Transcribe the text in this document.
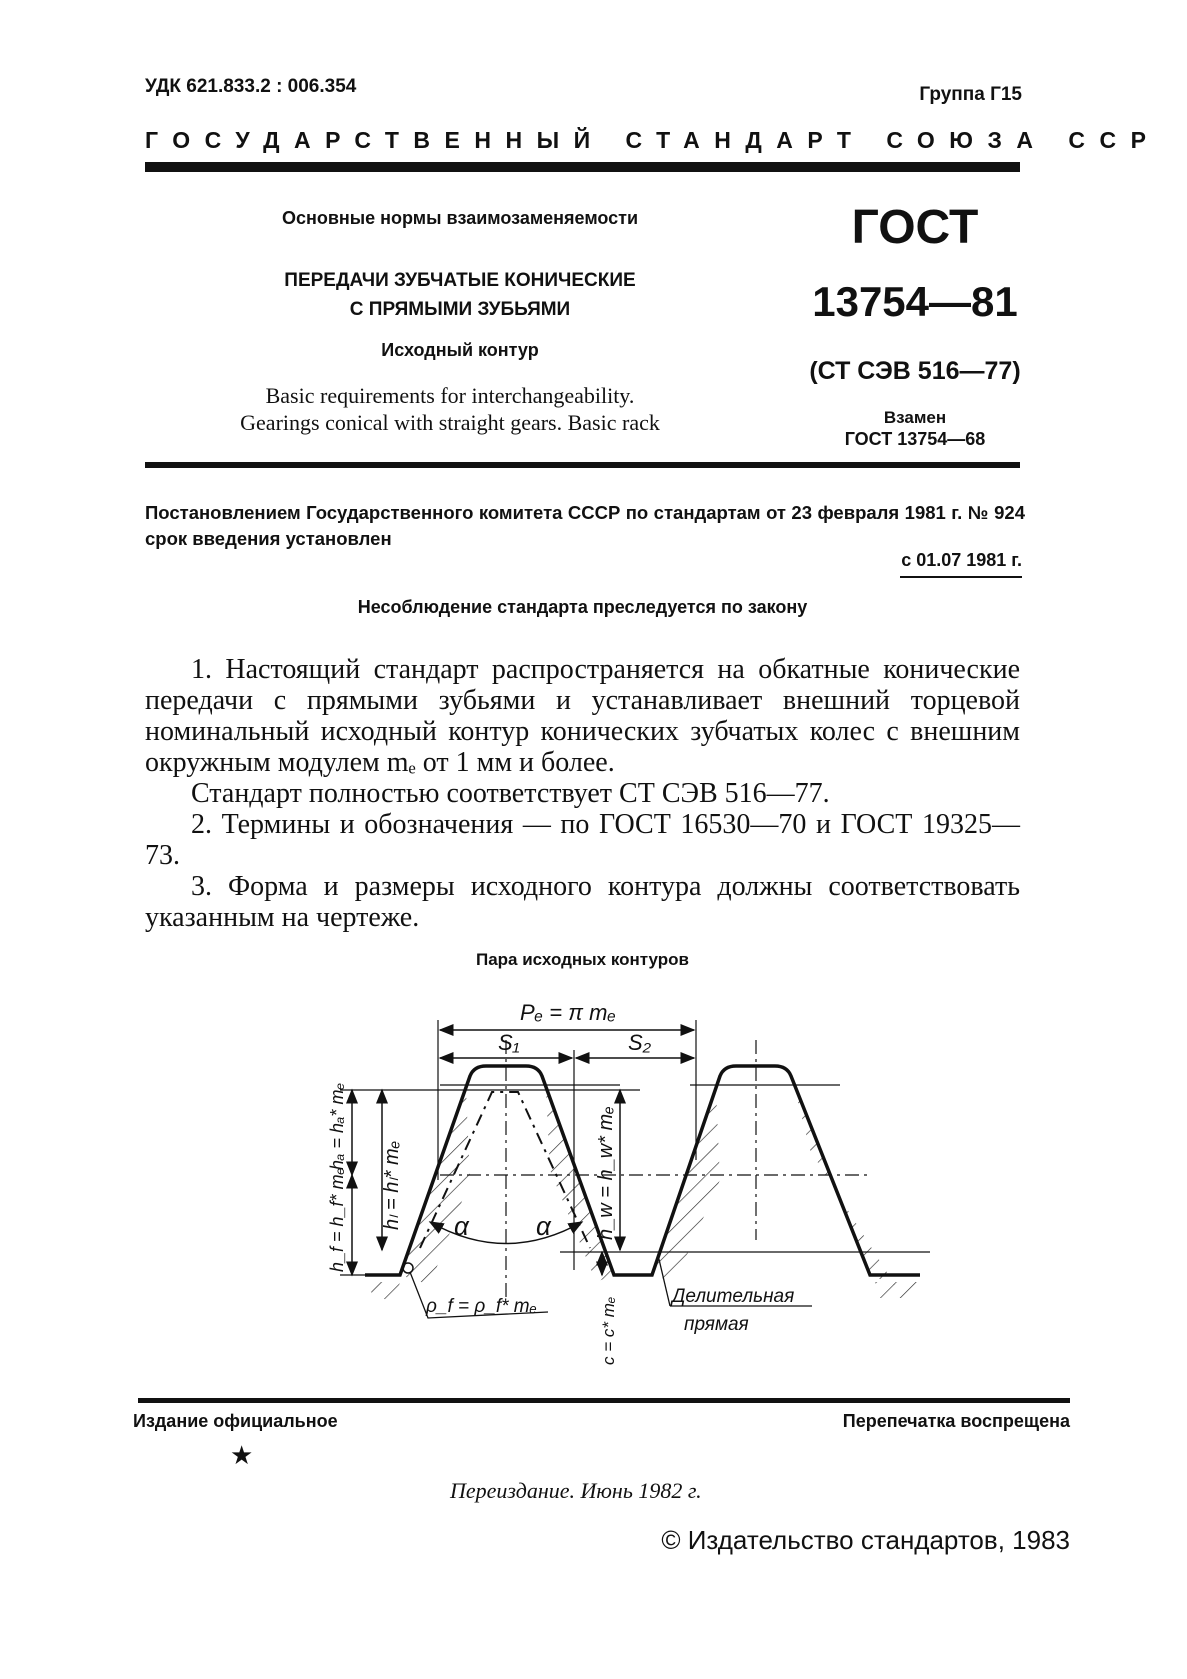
УДК 621.833.2 : 006.354	Группа Г15
ГОСУДАРСТВЕННЫЙ СТАНДАРТ СОЮЗА ССР
Основные нормы взаимозаменяемости
ПЕРЕДАЧИ ЗУБЧАТЫЕ КОНИЧЕСКИЕ
С ПРЯМЫМИ ЗУБЬЯМИ
Исходный контур
Basic requirements for interchangeability.
Gearings conical with straight gears. Basic rack
ГОСТ
13754—81
(СТ СЭВ 516—77)
Взамен
ГОСТ 13754—68
Постановлением Государственного комитета СССР по стандартам от 23 февраля 1981 г. № 924 срок введения установлен
с 01.07 1981 г.
Несоблюдение стандарта преследуется по закону

1. Настоящий стандарт распространяется на обкатные конические передачи с прямыми зубьями и устанавливает внешний торцевой номинальный исходный контур конических зубчатых колес с внешним окружным модулем mₑ от 1 мм и более.

Стандарт полностью соответствует СТ СЭВ 516—77.

2. Термины и обозначения — по ГОСТ 16530—70 и ГОСТ 19325—73.

3. Форма и размеры исходного контура должны соответствовать указанным на чертеже.

Пара исходных контуров
Pₑ = π mₑ
S₁	S₂
hₐ = hₐ* mₑ
h_f = h_f* mₑ hₗ = hₗ* mₑ	h_w = h_w* mₑ
c = c* mₑ
α	α
ρ_f = ρ_f* mₑ	Делительная
прямая
Издание официальное	Перепечатка воспрещена
★
Переиздание. Июнь 1982 г.
© Издательство стандартов, 1983
